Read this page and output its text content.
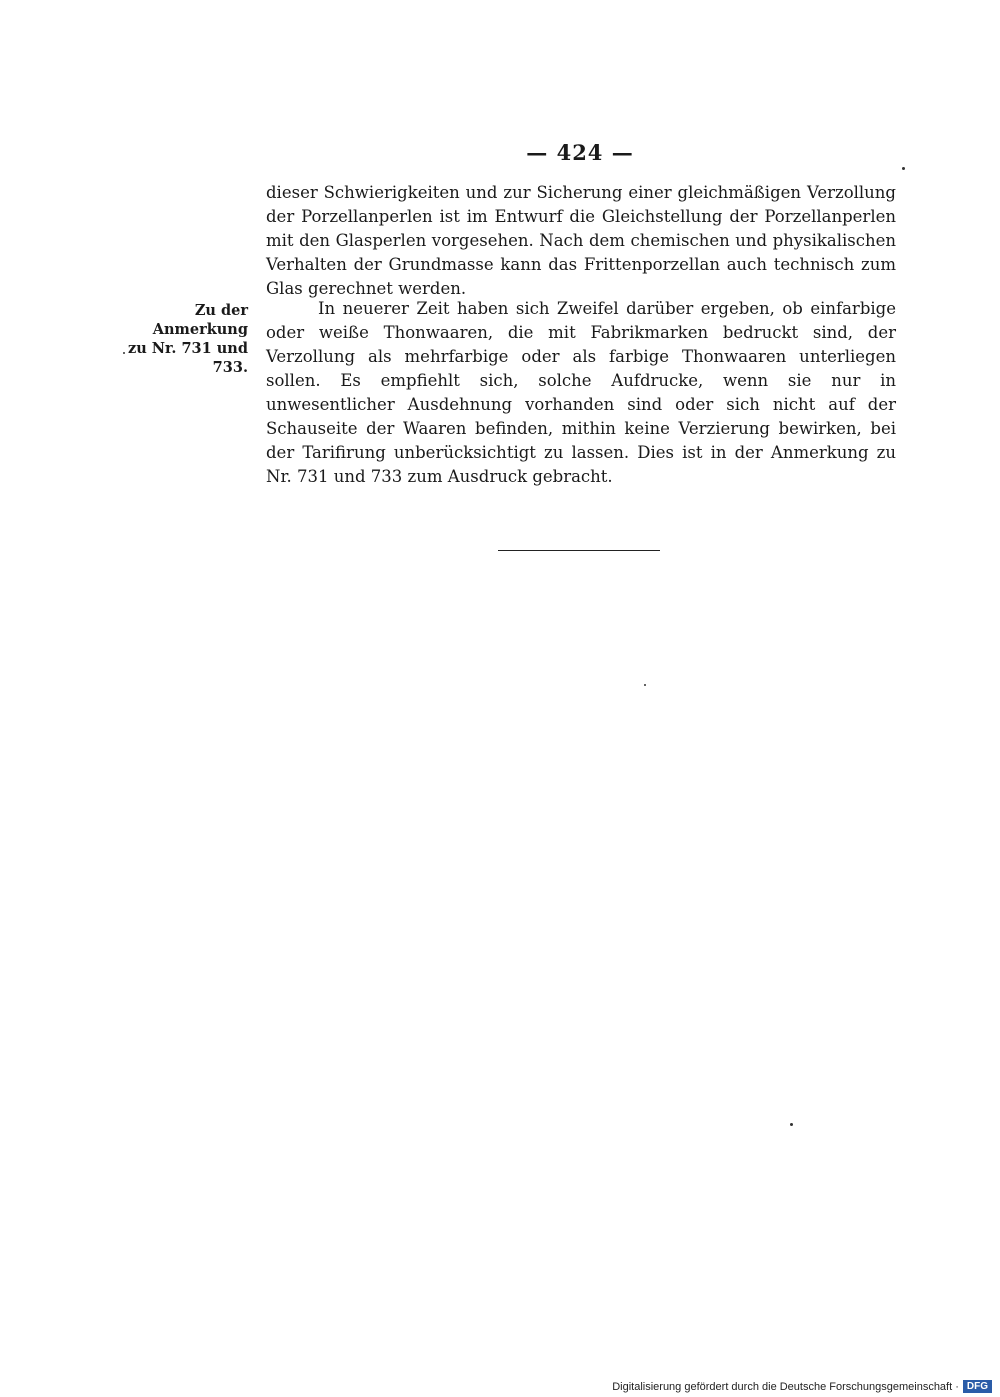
— 424 —

dieser Schwierigkeiten und zur Sicherung einer gleichmäßigen Verzollung der Porzellanperlen ist im Entwurf die Gleichstellung der Porzellanperlen mit den Glasperlen vorgesehen. Nach dem chemischen und physikalischen Verhalten der Grundmasse kann das Frittenporzellan auch technisch zum Glas gerechnet werden.

Zu der Anmerkung
zu Nr. 731 und 733.

In neuerer Zeit haben sich Zweifel darüber ergeben, ob einfarbige oder weiße Thonwaaren, die mit Fabrikmarken bedruckt sind, der Verzollung als mehrfarbige oder als farbige Thonwaaren unterliegen sollen. Es empfiehlt sich, solche Aufdrucke, wenn sie nur in unwesentlicher Ausdehnung vorhanden sind oder sich nicht auf der Schauseite der Waaren befinden, mithin keine Verzierung bewirken, bei der Tarifirung unberücksichtigt zu lassen. Dies ist in der Anmerkung zu Nr. 731 und 733 zum Ausdruck gebracht.

Digitalisierung gefördert durch die Deutsche Forschungsgemeinschaft · DFG
